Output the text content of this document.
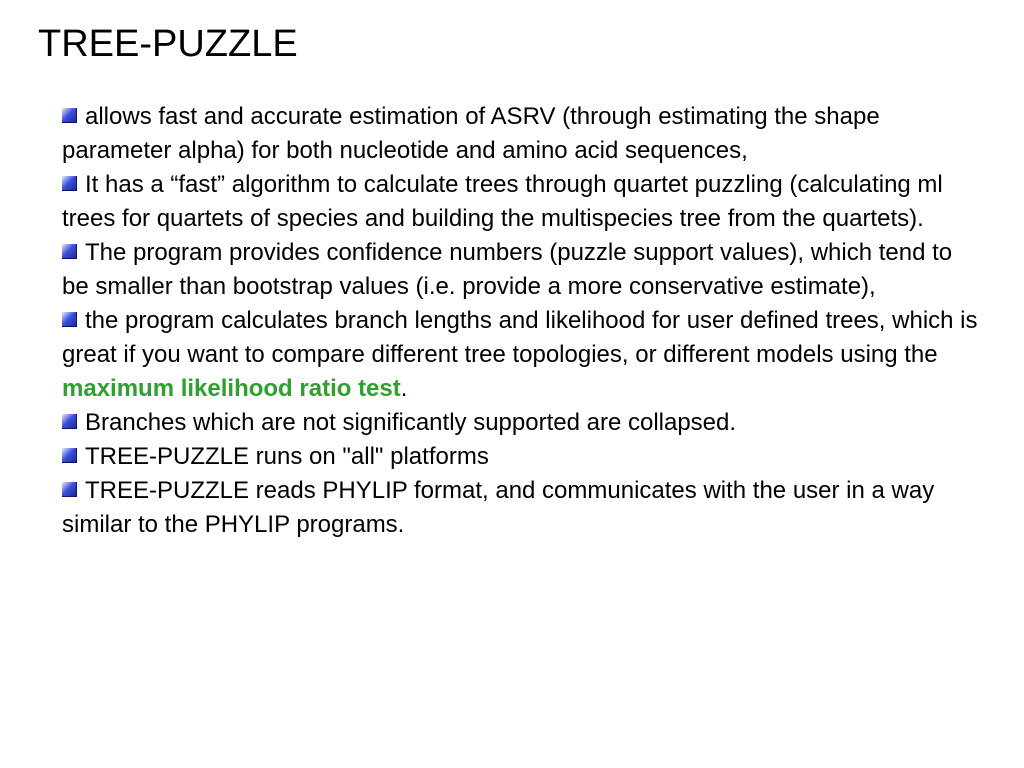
TREE-PUZZLE
allows fast and accurate estimation of ASRV (through estimating the shape parameter alpha) for both nucleotide and amino acid sequences,
It has a “fast” algorithm to calculate trees through quartet puzzling (calculating ml trees for quartets of species and building the multispecies tree from the quartets).
The program provides confidence numbers (puzzle support values), which tend to be smaller than bootstrap values (i.e. provide a more conservative estimate),
the program calculates branch lengths and likelihood for user defined trees, which is great if you want to compare different tree topologies, or different models using the maximum likelihood ratio test.
Branches which are not significantly supported are collapsed.
TREE-PUZZLE runs on "all" platforms
TREE-PUZZLE reads PHYLIP format, and communicates with the user in a way similar to the PHYLIP programs.
